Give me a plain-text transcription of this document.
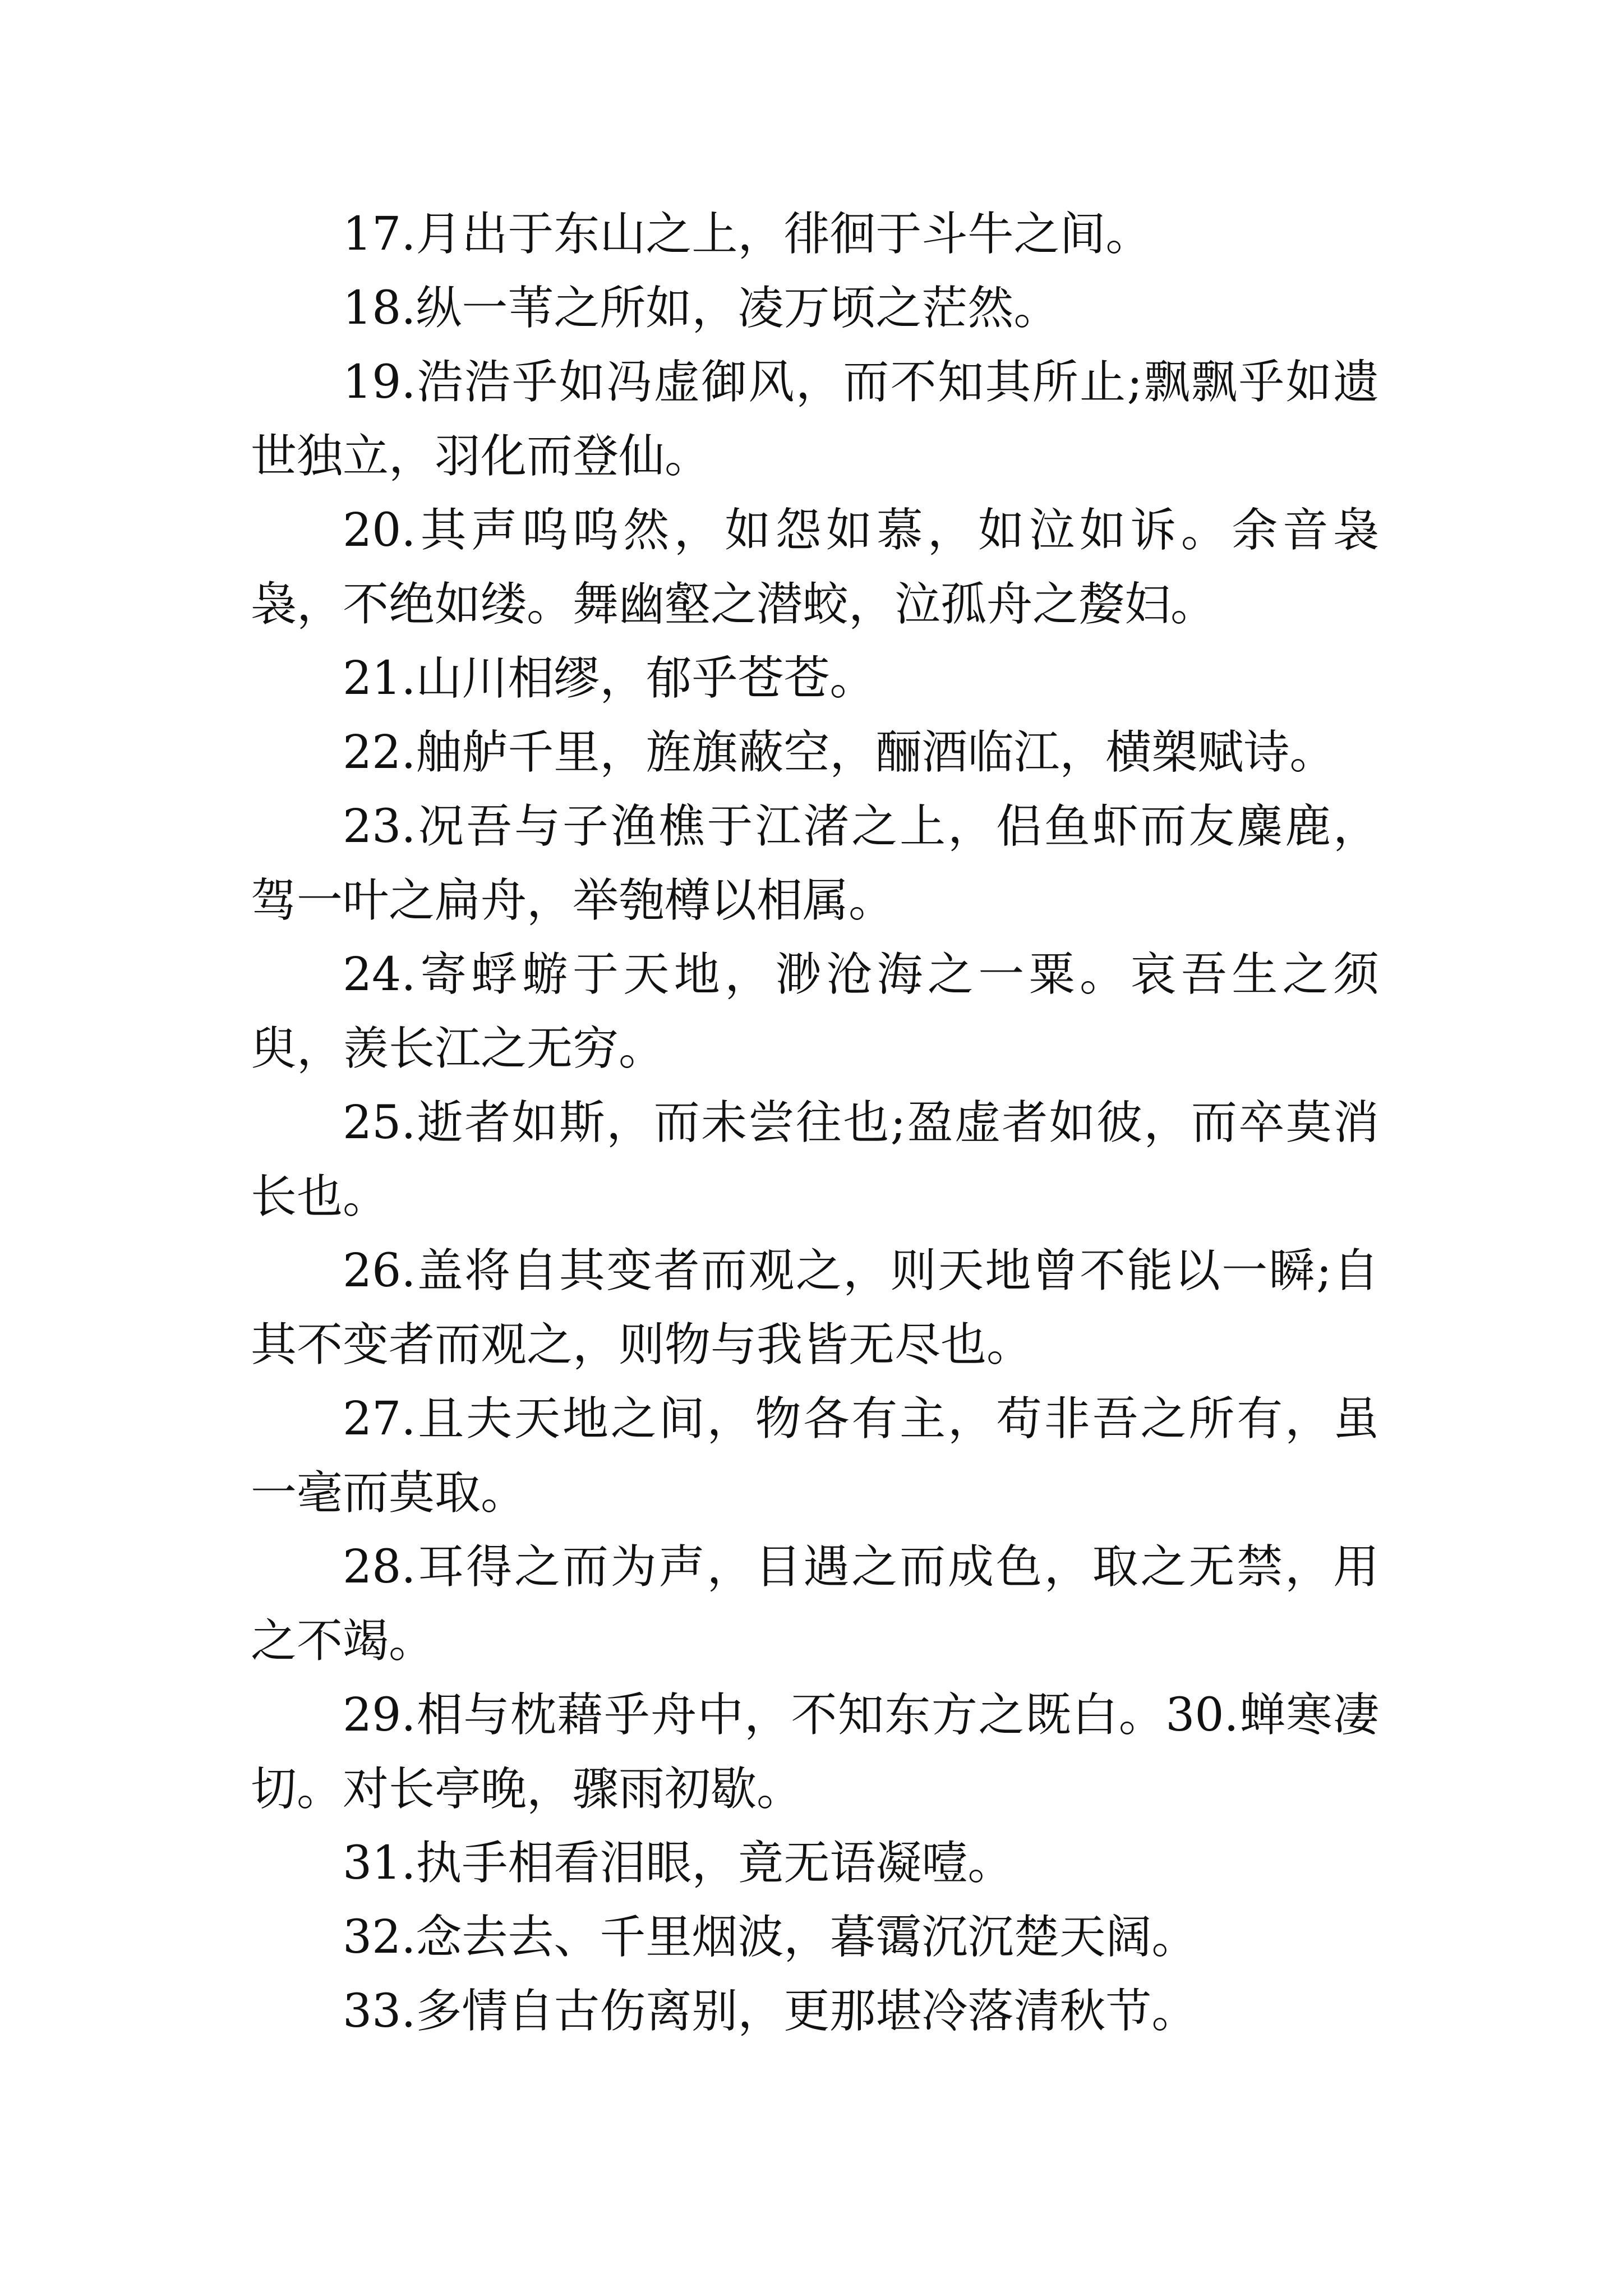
17.月出于东山之上，徘徊于斗牛之间。

18.纵一苇之所如，凌万顷之茫然。

19.浩浩乎如冯虚御风，而不知其所止;飘飘乎如遗世独立，羽化而登仙。

20.其声呜呜然，如怨如慕，如泣如诉。余音袅袅，不绝如缕。舞幽壑之潜蛟，泣孤舟之嫠妇。

21.山川相缪，郁乎苍苍。

22.舳舻千里，旌旗蔽空，酾酒临江，横槊赋诗。

23.况吾与子渔樵于江渚之上，侣鱼虾而友麋鹿，驾一叶之扁舟，举匏樽以相属。

24.寄蜉蝣于天地，渺沧海之一粟。哀吾生之须臾，羡长江之无穷。

25.逝者如斯，而未尝往也;盈虚者如彼，而卒莫消长也。

26.盖将自其变者而观之，则天地曾不能以一瞬;自其不变者而观之，则物与我皆无尽也。

27.且夫天地之间，物各有主，苟非吾之所有，虽一毫而莫取。

28.耳得之而为声，目遇之而成色，取之无禁，用之不竭。

29.相与枕藉乎舟中，不知东方之既白。30.蝉寒凄切。对长亭晚，骤雨初歇。

31.执手相看泪眼，竟无语凝噎。

32.念去去、千里烟波，暮霭沉沉楚天阔。

33.多情自古伤离别，更那堪冷落清秋节。
